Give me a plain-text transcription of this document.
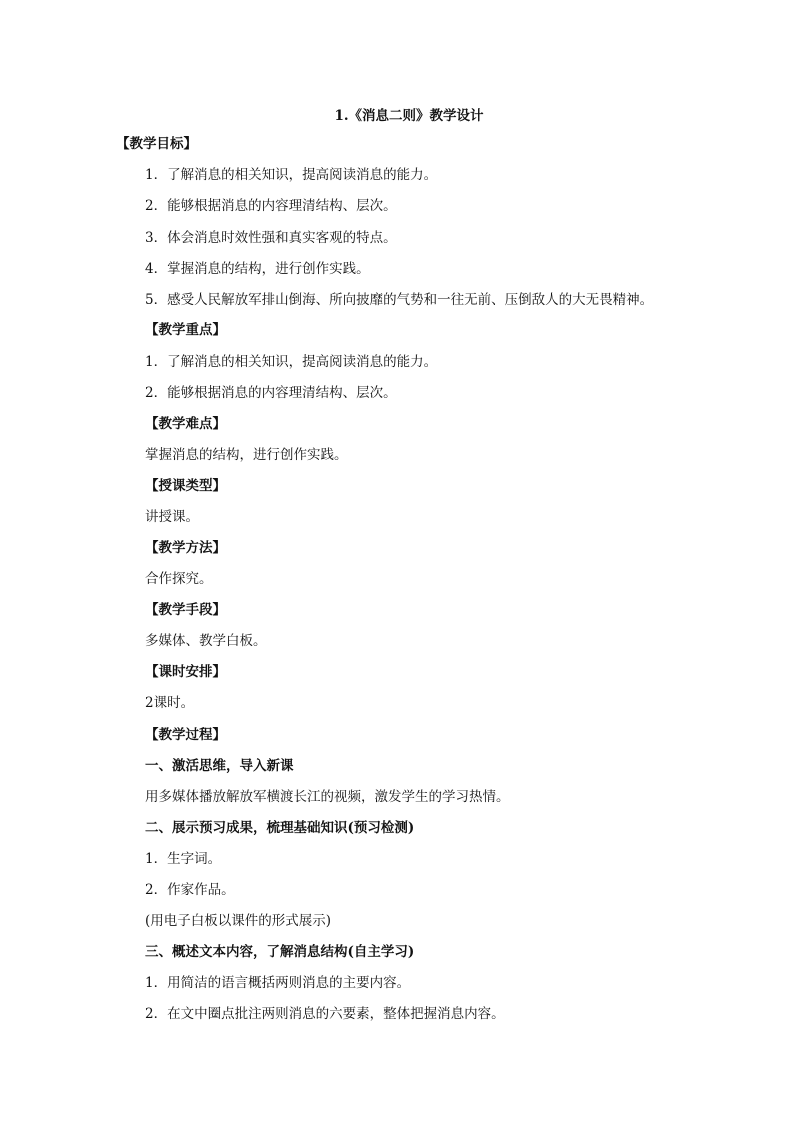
1.《消息二则》教学设计
【教学目标】
1．了解消息的相关知识，提高阅读消息的能力。
2．能够根据消息的内容理清结构、层次。
3．体会消息时效性强和真实客观的特点。
4．掌握消息的结构，进行创作实践。
5．感受人民解放军排山倒海、所向披靡的气势和一往无前、压倒敌人的大无畏精神。
【教学重点】
1．了解消息的相关知识，提高阅读消息的能力。
2．能够根据消息的内容理清结构、层次。
【教学难点】
掌握消息的结构，进行创作实践。
【授课类型】
讲授课。
【教学方法】
合作探究。
【教学手段】
多媒体、教学白板。
【课时安排】
2课时。
【教学过程】
一、激活思维，导入新课
用多媒体播放解放军横渡长江的视频，激发学生的学习热情。
二、展示预习成果，梳理基础知识(预习检测)
1．生字词。
2．作家作品。
(用电子白板以课件的形式展示)
三、概述文本内容，了解消息结构(自主学习)
1．用简洁的语言概括两则消息的主要内容。
2．在文中圈点批注两则消息的六要素，整体把握消息内容。
